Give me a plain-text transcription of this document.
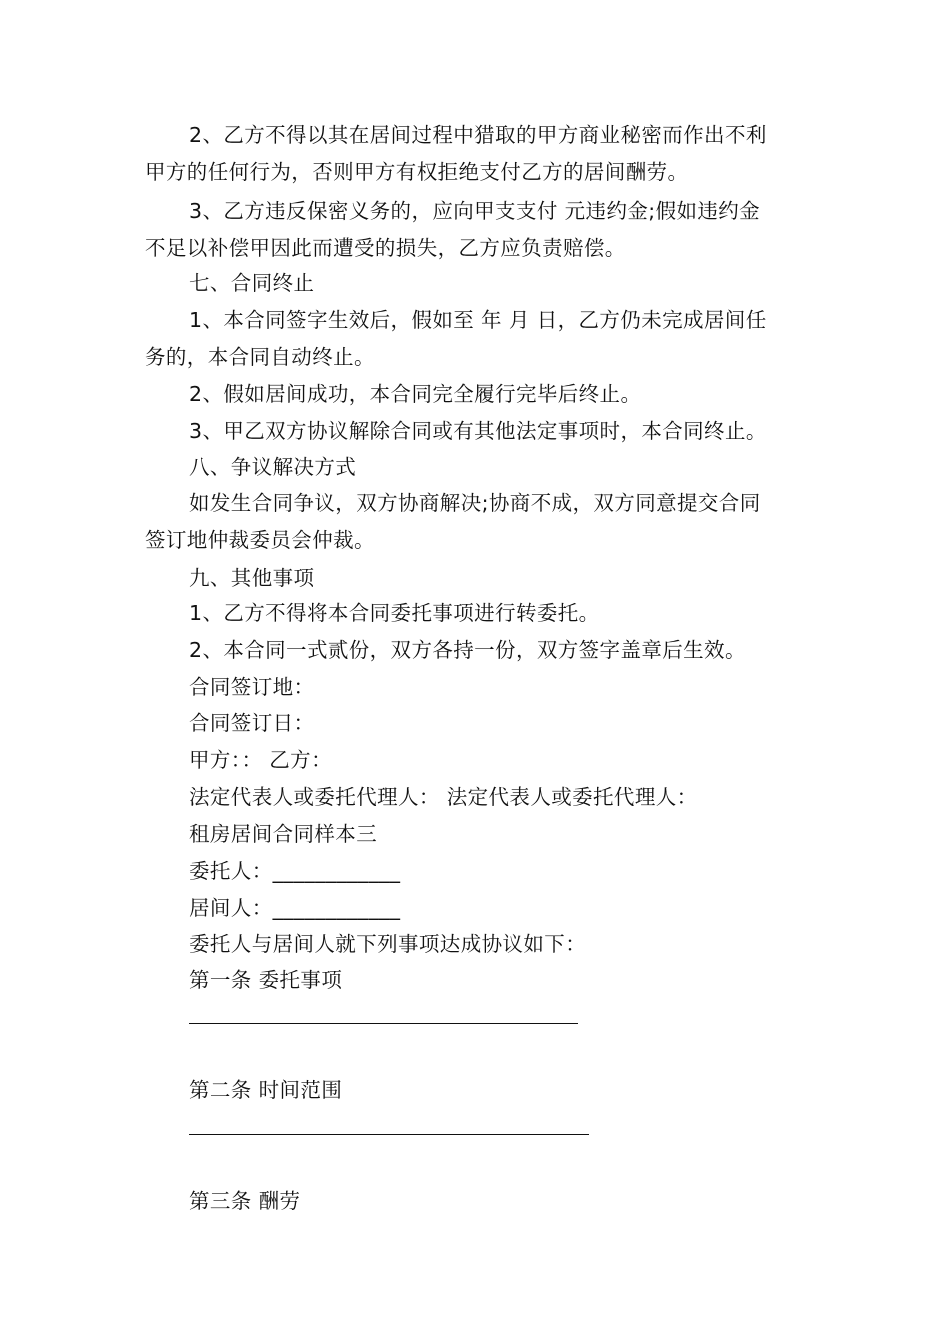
2、乙方不得以其在居间过程中猎取的甲方商业秘密而作出不利
甲方的任何行为，否则甲方有权拒绝支付乙方的居间酬劳。
3、乙方违反保密义务的，应向甲支支付 元违约金;假如违约金
不足以补偿甲因此而遭受的损失，乙方应负责赔偿。
七、合同终止
1、本合同签字生效后，假如至 年 月 日，乙方仍未完成居间任
务的，本合同自动终止。
2、假如居间成功，本合同完全履行完毕后终止。
3、甲乙双方协议解除合同或有其他法定事项时，本合同终止。
八、争议解决方式
如发生合同争议，双方协商解决;协商不成，双方同意提交合同
签订地仲裁委员会仲裁。
九、其他事项
1、乙方不得将本合同委托事项进行转委托。
2、本合同一式贰份，双方各持一份，双方签字盖章后生效。
合同签订地：
合同签订日：
甲方：： 乙方：
法定代表人或委托代理人： 法定代表人或委托代理人：
租房居间合同样本三
委托人：____________
居间人：____________
委托人与居间人就下列事项达成协议如下：
第一条 委托事项
第二条 时间范围
第三条 酬劳
